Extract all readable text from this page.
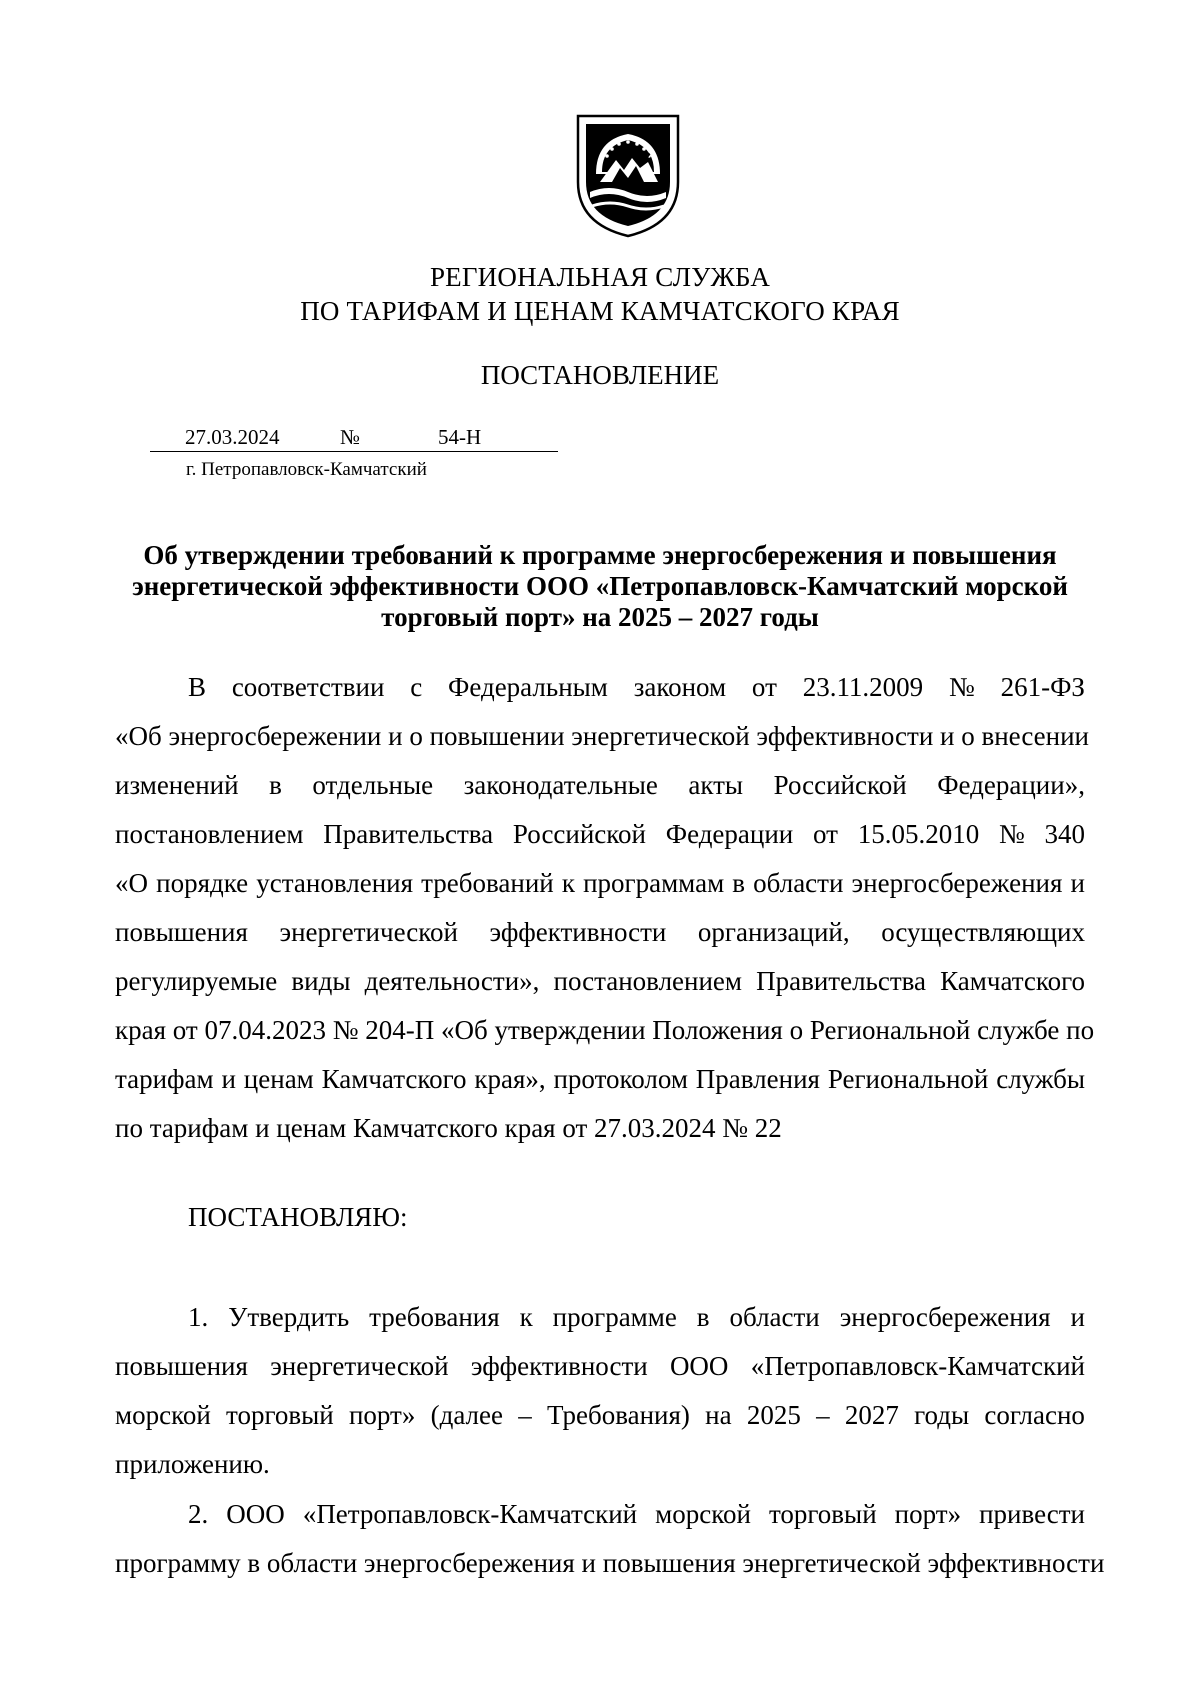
РЕГИОНАЛЬНАЯ СЛУЖБА
ПО ТАРИФАМ И ЦЕНАМ КАМЧАТСКОГО КРАЯ
ПОСТАНОВЛЕНИЕ
27.03.2024	№	54-Н
г. Петропавловск-Камчатский
Об утверждении требований к программе энергосбережения и повышения
энергетической эффективности ООО «Петропавловск-Камчатский морской
торговый порт» на 2025 – 2027 годы
В соответствии с Федеральным законом от 23.11.2009 № 261-ФЗ
«Об энергосбережении и о повышении энергетической эффективности и о внесении
изменений в отдельные законодательные акты Российской Федерации»,
постановлением Правительства Российской Федерации от 15.05.2010 № 340
«О порядке установления требований к программам в области энергосбережения и
повышения энергетической эффективности организаций, осуществляющих
регулируемые виды деятельности», постановлением Правительства Камчатского
края от 07.04.2023 № 204-П «Об утверждении Положения о Региональной службе по
тарифам и ценам Камчатского края», протоколом Правления Региональной службы
по тарифам и ценам Камчатского края от 27.03.2024 № 22
ПОСТАНОВЛЯЮ:
1. Утвердить требования к программе в области энергосбережения и
повышения энергетической эффективности ООО «Петропавловск-Камчатский
морской торговый порт» (далее – Требования) на 2025 – 2027 годы согласно
приложению.
2. ООО «Петропавловск-Камчатский морской торговый порт» привести
программу в области энергосбережения и повышения энергетической эффективности
